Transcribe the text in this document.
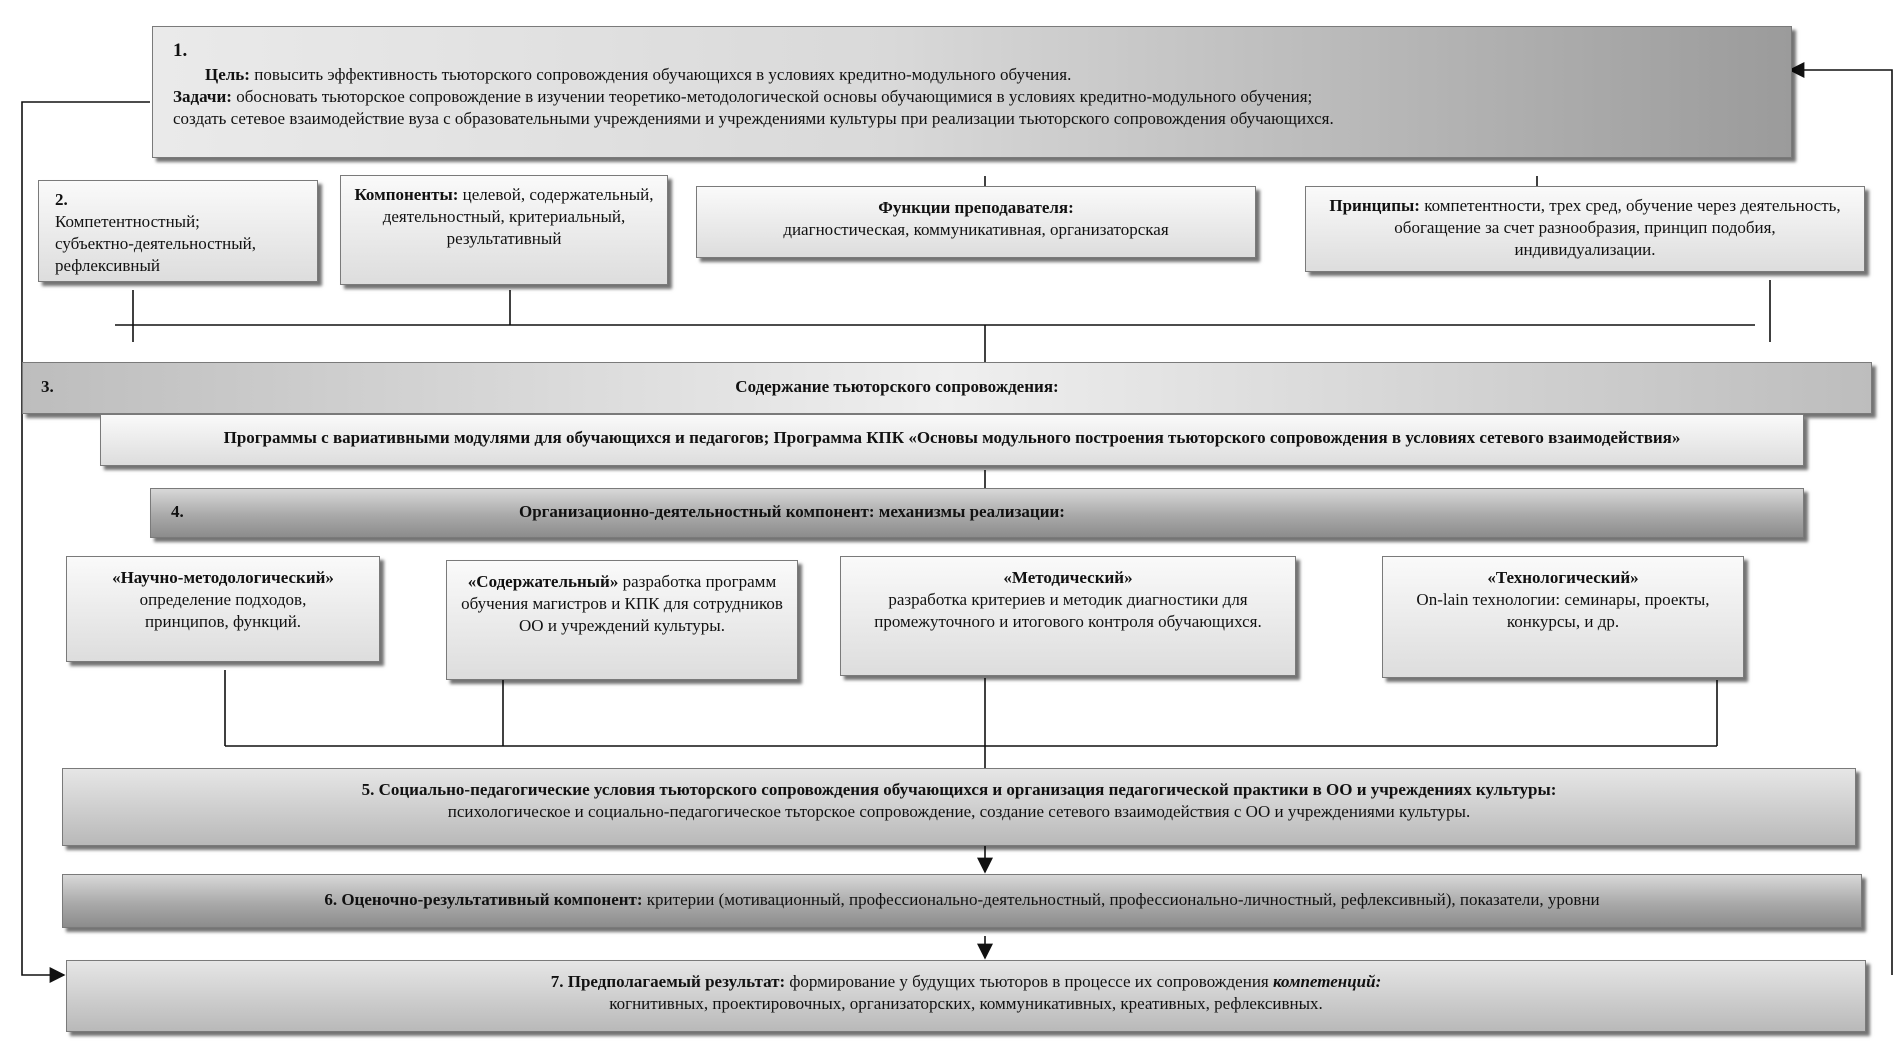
1.
Цель: повысить эффективность тьюторского сопровождения обучающихся в условиях кредитно-модульного обучения.
Задачи: обосновать тьюторское сопровождение в изучении теоретико-методологической основы обучающимися в условиях кредитно-модульного обучения;
создать сетевое взаимодействие вуза с образовательными учреждениями и учреждениями культуры при реализации тьюторского сопровождения обучающихся.
2.
Компетентностный;
субъектно-деятельностный,
рефлексивный
Компоненты: целевой, содержательный, деятельностный, критериальный, результативный
Функции преподавателя:
диагностическая, коммуникативная, организаторская
Принципы: компетентности, трех сред, обучение через деятельность, обогащение за счет разнообразия, принцип подобия, индивидуализации.
3.	Содержание тьюторского сопровождения:
Программы с вариативными модулями для обучающихся и педагогов; Программа КПК «Основы модульного построения тьюторского сопровождения в условиях сетевого взаимодействия»
4.	Организационно-деятельностный компонент: механизмы реализации:
«Научно-методологический»
определение подходов, принципов, функций.
«Содержательный» разработка программ обучения магистров и КПК для сотрудников ОО и учреждений культуры.
«Методический»
разработка критериев и методик диагностики для промежуточного и итогового контроля обучающихся.
«Технологический»
On-lain технологии: семинары, проекты, конкурсы, и др.
5. Социально-педагогические условия тьюторского сопровождения обучающихся и организация педагогической практики в ОО и учреждениях культуры:
психологическое и социально-педагогическое тьторское сопровождение, создание сетевого взаимодействия с ОО и учреждениями культуры.
6. Оценочно-результативный компонент: критерии (мотивационный, профессионально-деятельностный, профессионально-личностный, рефлексивный), показатели, уровни
7. Предполагаемый результат: формирование у будущих тьюторов в процессе их сопровождения компетенций:
когнитивных, проектировочных, организаторских, коммуникативных, креативных, рефлексивных.
